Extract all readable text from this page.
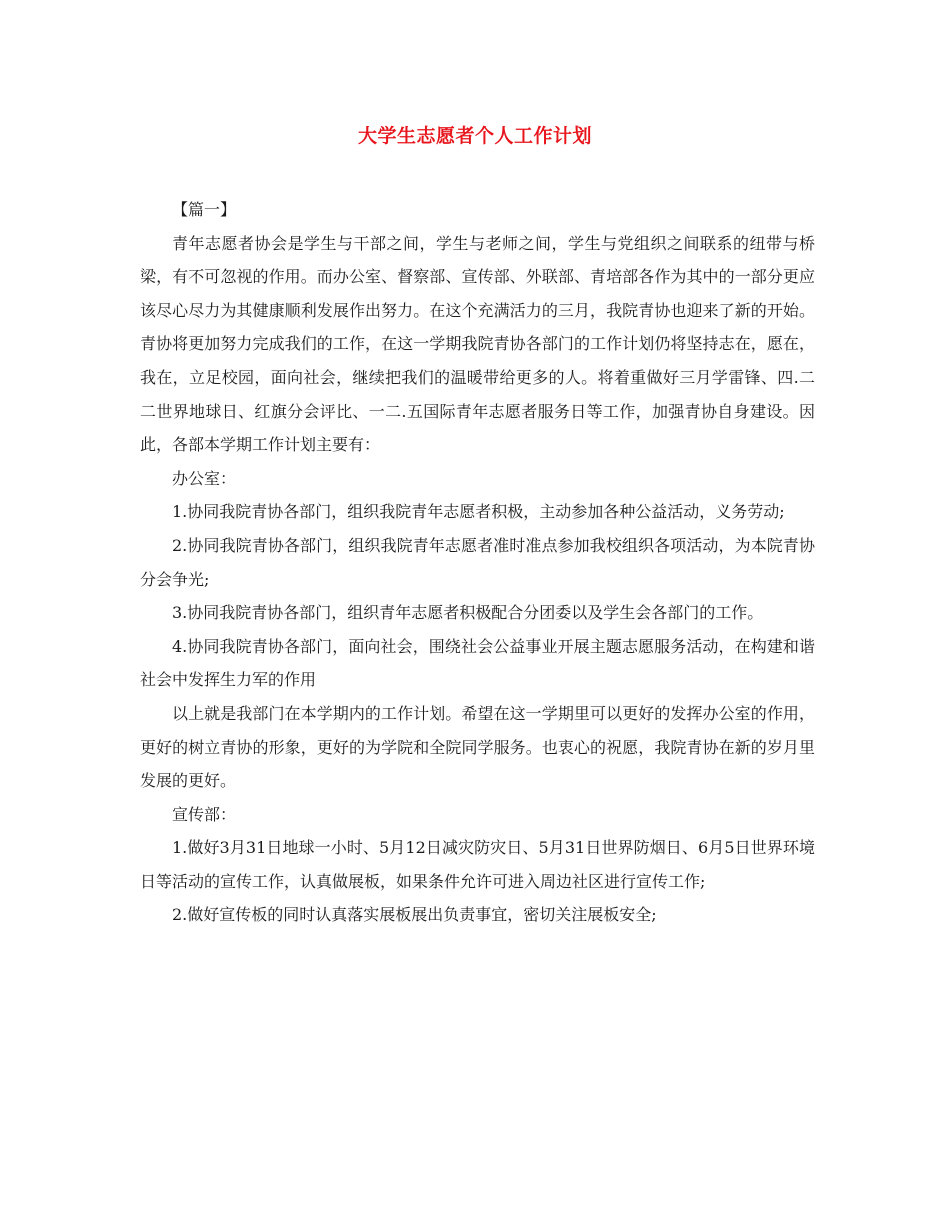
大学生志愿者个人工作计划

【篇一】

青年志愿者协会是学生与干部之间，学生与老师之间，学生与党组织之间联系的纽带与桥梁，有不可忽视的作用。而办公室、督察部、宣传部、外联部、青培部各作为其中的一部分更应该尽心尽力为其健康顺利发展作出努力。在这个充满活力的三月，我院青协也迎来了新的开始。青协将更加努力完成我们的工作，在这一学期我院青协各部门的工作计划仍将坚持志在，愿在，我在，立足校园，面向社会，继续把我们的温暖带给更多的人。将着重做好三月学雷锋、四.二二世界地球日、红旗分会评比、一二.五国际青年志愿者服务日等工作，加强青协自身建设。因此，各部本学期工作计划主要有：

办公室：

1.协同我院青协各部门，组织我院青年志愿者积极，主动参加各种公益活动，义务劳动;

2.协同我院青协各部门，组织我院青年志愿者准时准点参加我校组织各项活动，为本院青协分会争光;

3.协同我院青协各部门，组织青年志愿者积极配合分团委以及学生会各部门的工作。

4.协同我院青协各部门，面向社会，围绕社会公益事业开展主题志愿服务活动，在构建和谐社会中发挥生力军的作用

以上就是我部门在本学期内的工作计划。希望在这一学期里可以更好的发挥办公室的作用，更好的树立青协的形象，更好的为学院和全院同学服务。也衷心的祝愿，我院青协在新的岁月里发展的更好。

宣传部：

1.做好3月31日地球一小时、5月12日减灾防灾日、5月31日世界防烟日、6月5日世界环境日等活动的宣传工作，认真做展板，如果条件允许可进入周边社区进行宣传工作;

2.做好宣传板的同时认真落实展板展出负责事宜，密切关注展板安全;
